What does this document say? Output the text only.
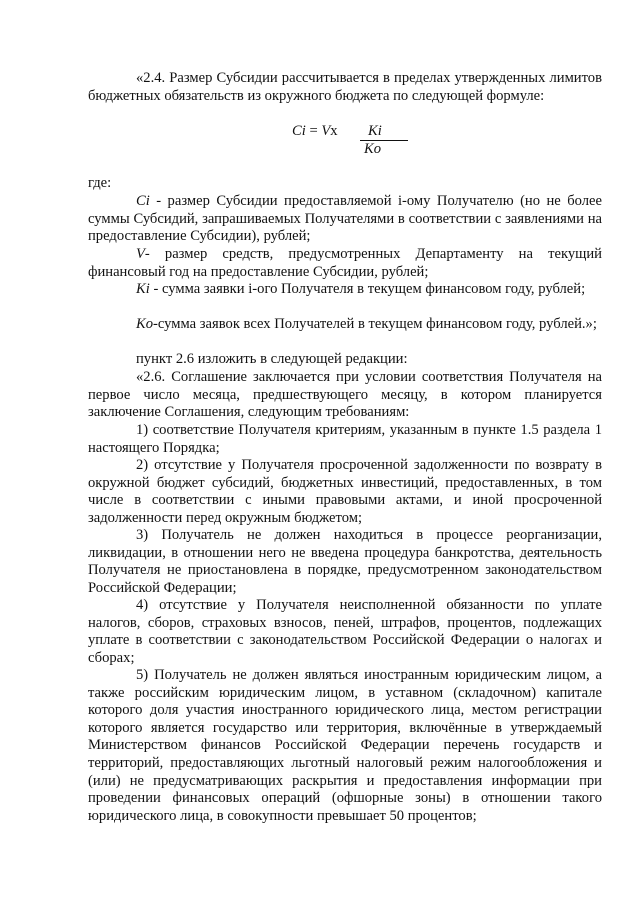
«2.4. Размер Субсидии рассчитывается в пределах утвержденных лимитов бюджетных обязательств из окружного бюджета по следующей формуле:

Ci = Vх Ki
Ko

где:

Ci - размер Субсидии предоставляемой i-ому Получателю (но не более суммы Субсидий, запрашиваемых Получателями в соответствии с заявлениями на предоставление Субсидии), рублей;

V- размер средств, предусмотренных Департаменту на текущий финансовый год на предоставление Субсидии, рублей;

Ki - сумма заявки i-ого Получателя в текущем финансовом году, рублей;

Ko-сумма заявок всех Получателей в текущем финансовом году, рублей.»;

пункт 2.6 изложить в следующей редакции:

«2.6. Соглашение заключается при условии соответствия Получателя на первое число месяца, предшествующего месяцу, в котором планируется заключение Соглашения, следующим требованиям:

1) соответствие Получателя критериям, указанным в пункте 1.5 раздела 1 настоящего Порядка;

2) отсутствие у Получателя просроченной задолженности по возврату в окружной бюджет субсидий, бюджетных инвестиций, предоставленных, в том числе в соответствии с иными правовыми актами, и иной просроченной задолженности перед окружным бюджетом;

3) Получатель не должен находиться в процессе реорганизации, ликвидации, в отношении него не введена процедура банкротства, деятельность Получателя не приостановлена в порядке, предусмотренном законодательством Российской Федерации;

4) отсутствие у Получателя неисполненной обязанности по уплате налогов, сборов, страховых взносов, пеней, штрафов, процентов, подлежащих уплате в соответствии с законодательством Российской Федерации о налогах и сборах;

5) Получатель не должен являться иностранным юридическим лицом, а также российским юридическим лицом, в уставном (складочном) капитале которого доля участия иностранного юридического лица, местом регистрации которого является государство или территория, включённые в утверждаемый Министерством финансов Российской Федерации перечень государств и территорий, предоставляющих льготный налоговый режим налогообложения и (или) не предусматривающих раскрытия и предоставления информации при проведении финансовых операций (офшорные зоны) в отношении такого юридического лица, в совокупности превышает 50 процентов;
